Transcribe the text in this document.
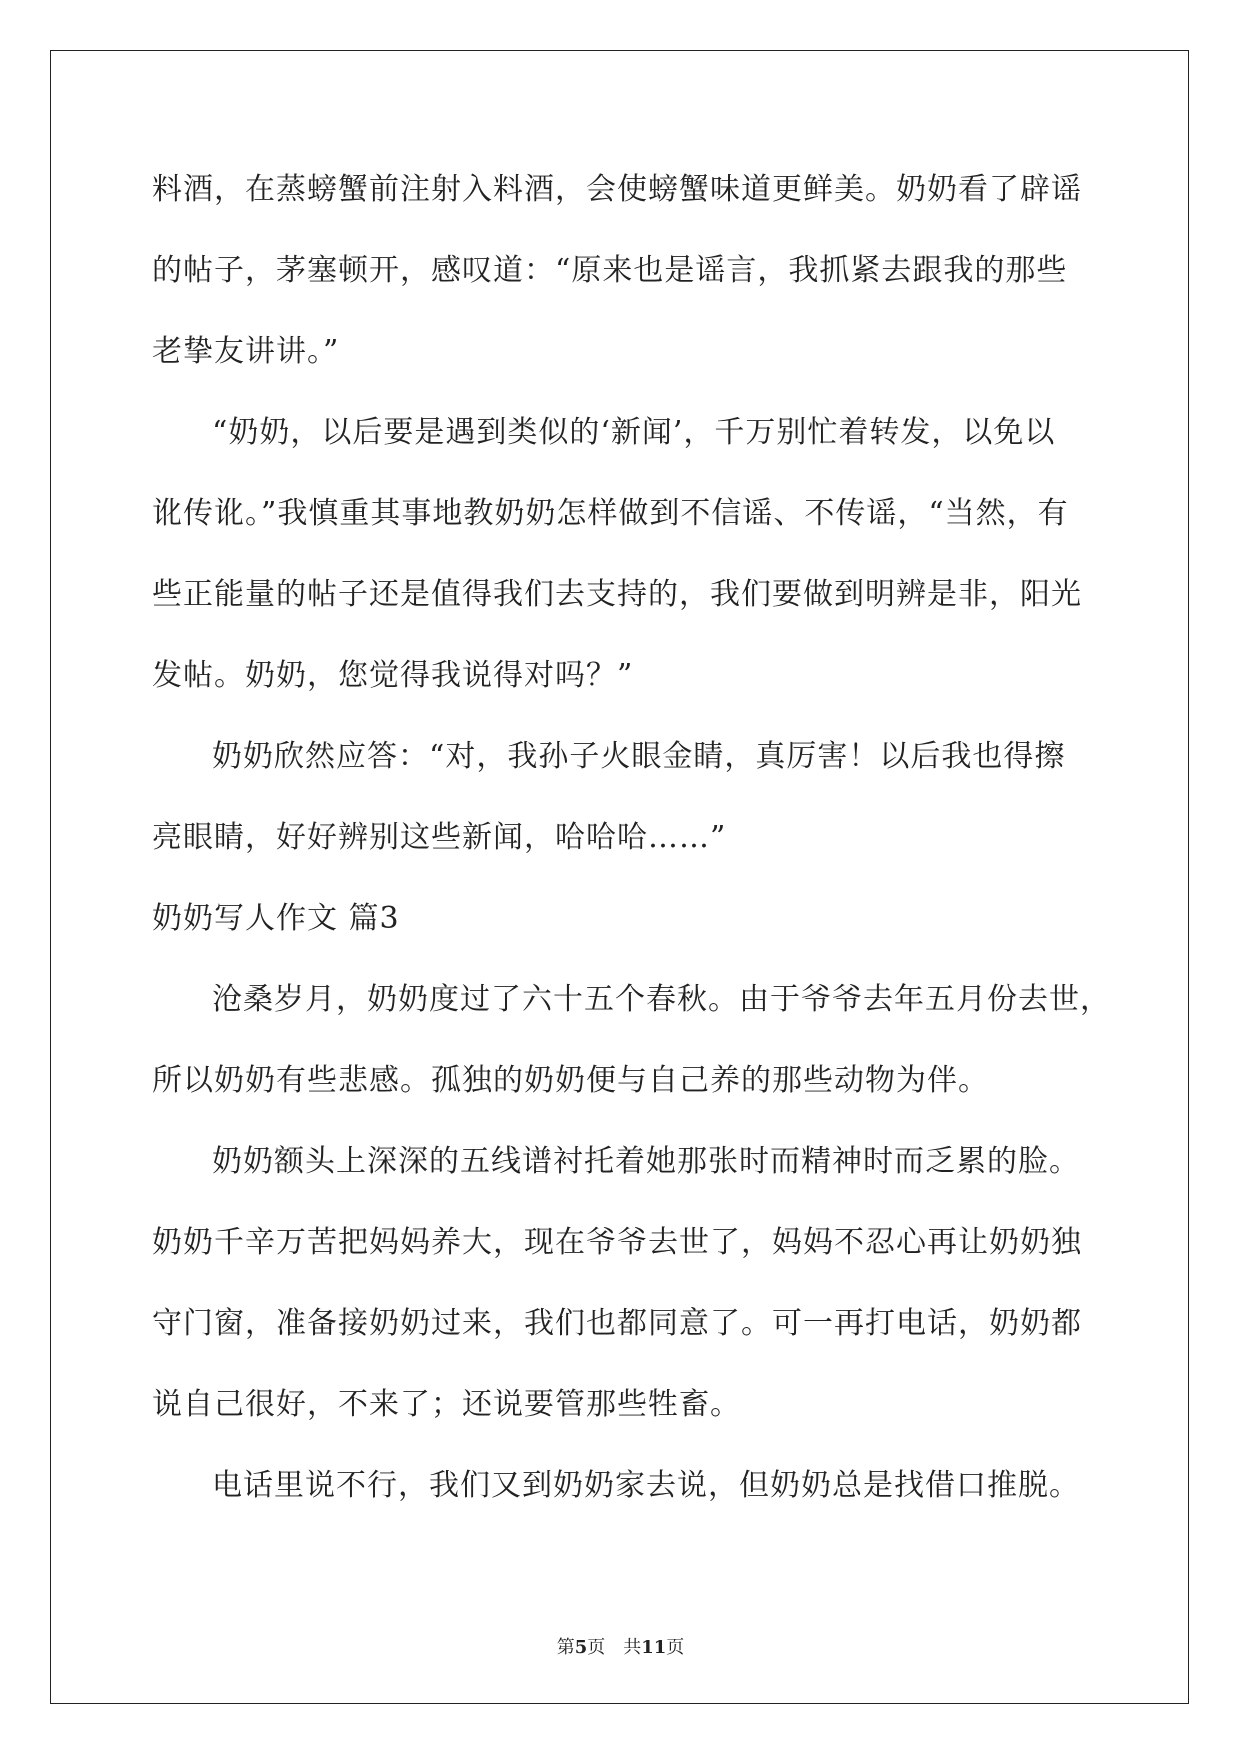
料酒，在蒸螃蟹前注射入料酒，会使螃蟹味道更鲜美。奶奶看了辟谣
的帖子，茅塞顿开，感叹道：“原来也是谣言，我抓紧去跟我的那些
老挚友讲讲。”
“奶奶，以后要是遇到类似的‘新闻’，千万别忙着转发，以免以
讹传讹。”我慎重其事地教奶奶怎样做到不信谣、不传谣，“当然，有
些正能量的帖子还是值得我们去支持的，我们要做到明辨是非，阳光
发帖。奶奶，您觉得我说得对吗？”
奶奶欣然应答：“对，我孙子火眼金睛，真厉害！以后我也得擦
亮眼睛，好好辨别这些新闻，哈哈哈……”
奶奶写人作文 篇3
沧桑岁月，奶奶度过了六十五个春秋。由于爷爷去年五月份去世，
所以奶奶有些悲感。孤独的奶奶便与自己养的那些动物为伴。
奶奶额头上深深的五线谱衬托着她那张时而精神时而乏累的脸。
奶奶千辛万苦把妈妈养大，现在爷爷去世了，妈妈不忍心再让奶奶独
守门窗，准备接奶奶过来，我们也都同意了。可一再打电话，奶奶都
说自己很好，不来了；还说要管那些牲畜。
电话里说不行，我们又到奶奶家去说，但奶奶总是找借口推脱。
第5页　共11页
